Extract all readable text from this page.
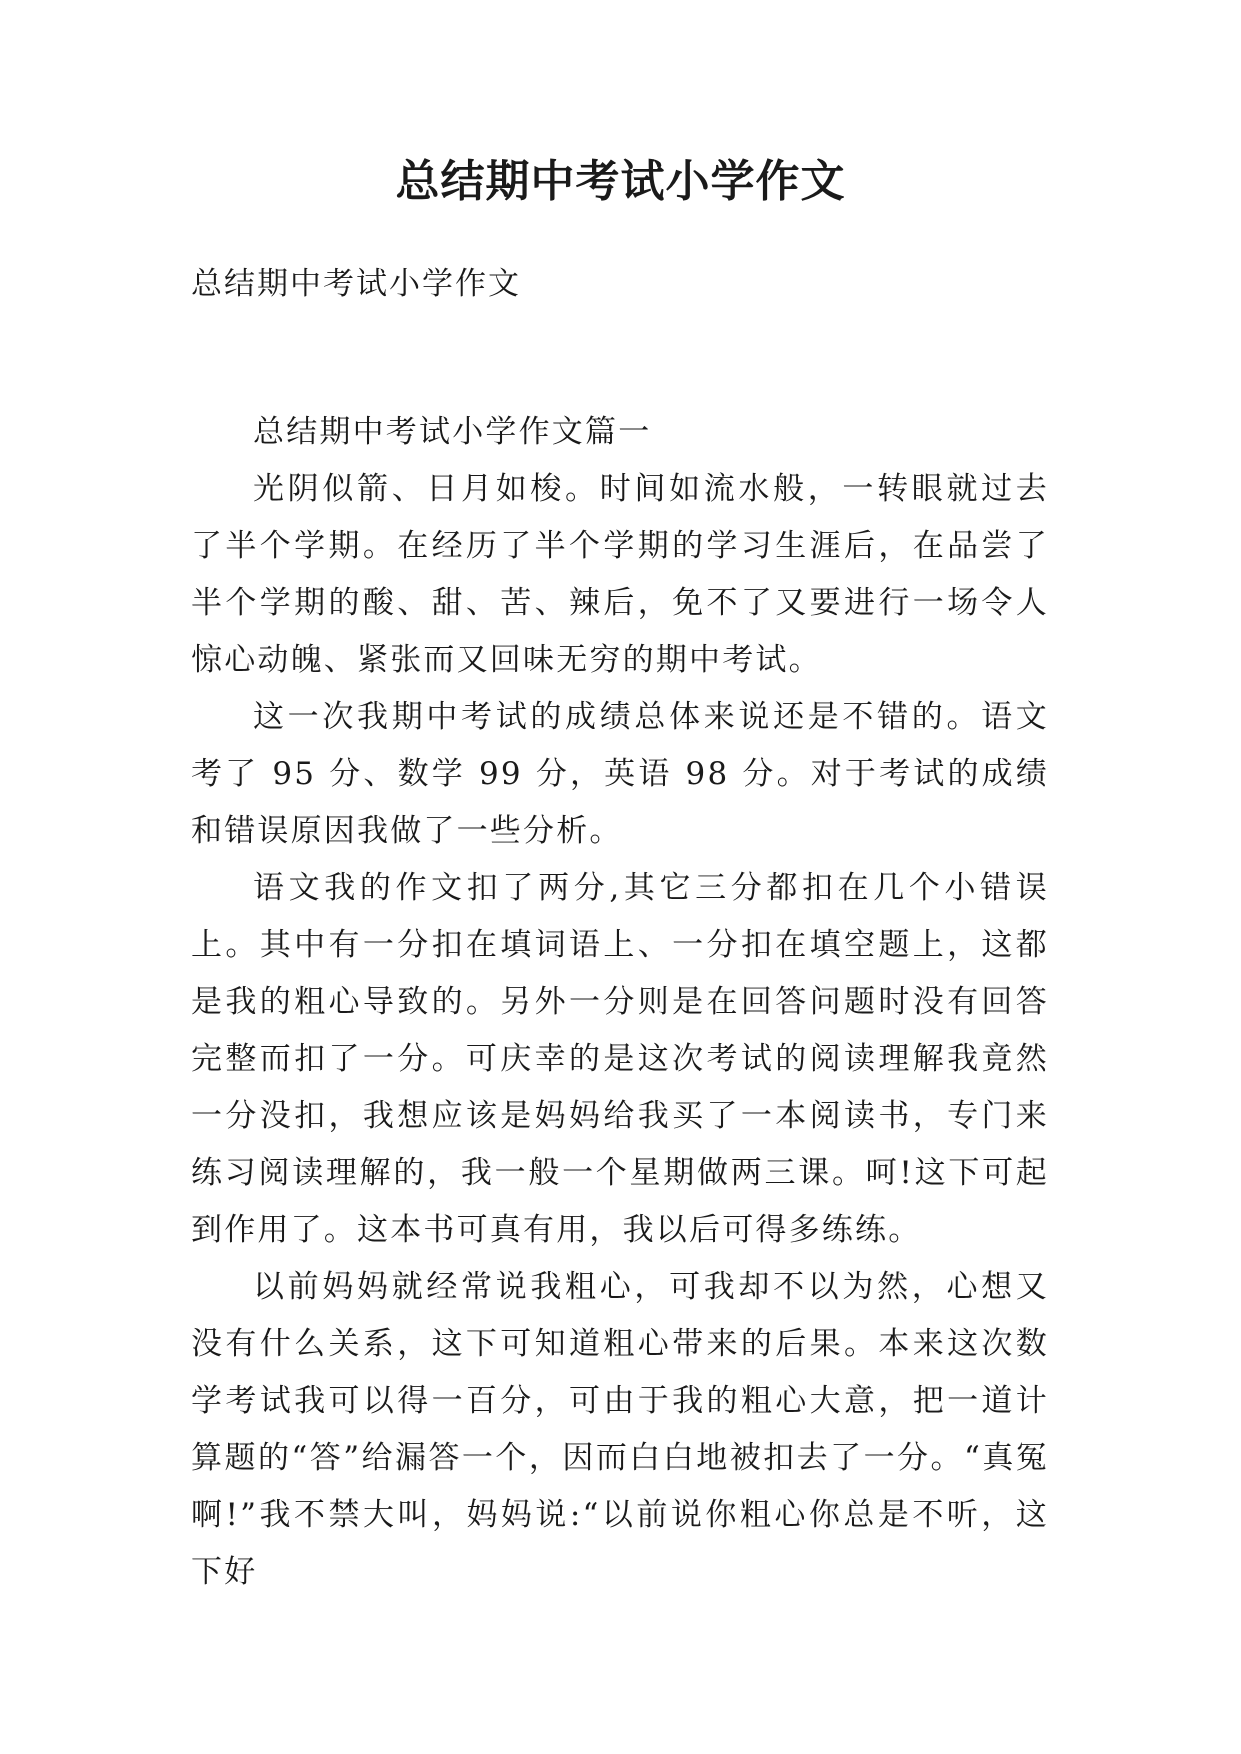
总结期中考试小学作文
总结期中考试小学作文

总结期中考试小学作文篇一

光阴似箭、日月如梭。时间如流水般，一转眼就过去了半个学期。在经历了半个学期的学习生涯后，在品尝了半个学期的酸、甜、苦、辣后，免不了又要进行一场令人惊心动魄、紧张而又回味无穷的期中考试。

这一次我期中考试的成绩总体来说还是不错的。语文考了 95 分、数学 99 分，英语 98 分。对于考试的成绩和错误原因我做了一些分析。

语文我的作文扣了两分,其它三分都扣在几个小错误上。其中有一分扣在填词语上、一分扣在填空题上，这都是我的粗心导致的。另外一分则是在回答问题时没有回答完整而扣了一分。可庆幸的是这次考试的阅读理解我竟然一分没扣，我想应该是妈妈给我买了一本阅读书，专门来练习阅读理解的，我一般一个星期做两三课。呵!这下可起到作用了。这本书可真有用，我以后可得多练练。

以前妈妈就经常说我粗心，可我却不以为然，心想又没有什么关系，这下可知道粗心带来的后果。本来这次数学考试我可以得一百分，可由于我的粗心大意，把一道计算题的“答”给漏答一个，因而白白地被扣去了一分。“真冤啊!”我不禁大叫，妈妈说:“以前说你粗心你总是不听，这下好
